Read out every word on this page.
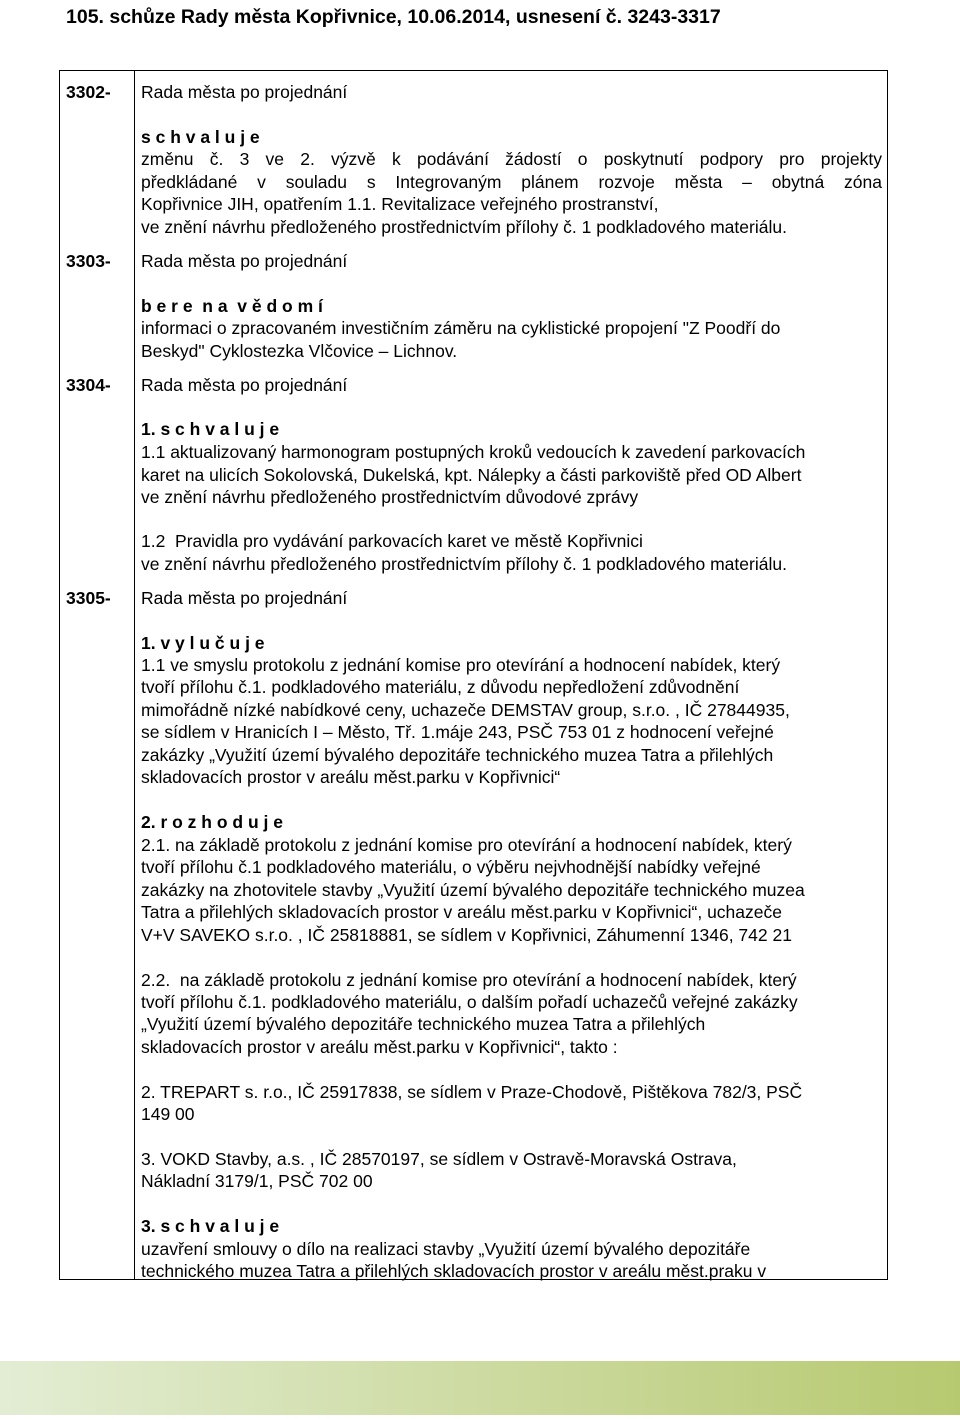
105. schůze Rady města Kopřivnice, 10.06.2014, usnesení č. 3243-3317
3302- Rada města po projednání
s c h v a l u j e
změnu č. 3 ve 2. výzvě k podávání žádostí o poskytnutí podpory pro projekty
předkládané v souladu s Integrovaným plánem rozvoje města – obytná zóna
Kopřivnice JIH, opatřením 1.1. Revitalizace veřejného prostranství,
ve znění návrhu předloženého prostřednictvím přílohy č. 1 podkladového materiálu.
3303- Rada města po projednání
b e r e  n a  v ě d o m í
informaci o zpracovaném investičním záměru na cyklistické propojení "Z Poodří do
Beskyd" Cyklostezka Vlčovice – Lichnov.
3304- Rada města po projednání
1. s c h v a l u j e
1.1 aktualizovaný harmonogram postupných kroků vedoucích k zavedení parkovacích
karet na ulicích Sokolovská, Dukelská, kpt. Nálepky a části parkoviště před OD Albert
ve znění návrhu předloženého prostřednictvím důvodové zprávy
1.2  Pravidla pro vydávání parkovacích karet ve městě Kopřivnici
ve znění návrhu předloženého prostřednictvím přílohy č. 1 podkladového materiálu.
3305- Rada města po projednání
1. v y l u č u j e
1.1 ve smyslu protokolu z jednání komise pro otevírání a hodnocení nabídek, který
tvoří přílohu č.1. podkladového materiálu, z důvodu nepředložení zdůvodnění
mimořádně nízké nabídkové ceny, uchazeče DEMSTAV group, s.r.o. , IČ 27844935,
se sídlem v Hranicích I – Město, Tř. 1.máje 243, PSČ 753 01 z hodnocení veřejné
zakázky „Využití území bývalého depozitáře technického muzea Tatra a přilehlých
skladovacích prostor v areálu měst.parku v Kopřivnici“
2. r o z h o d u j e
2.1. na základě protokolu z jednání komise pro otevírání a hodnocení nabídek, který
tvoří přílohu č.1 podkladového materiálu, o výběru nejvhodnější nabídky veřejné
zakázky na zhotovitele stavby „Využití území bývalého depozitáře technického muzea
Tatra a přilehlých skladovacích prostor v areálu měst.parku v Kopřivnici“, uchazeče
V+V SAVEKO s.r.o. , IČ 25818881, se sídlem v Kopřivnici, Záhumenní 1346, 742 21
2.2.  na základě protokolu z jednání komise pro otevírání a hodnocení nabídek, který
tvoří přílohu č.1. podkladového materiálu, o dalším pořadí uchazečů veřejné zakázky
„Využití území bývalého depozitáře technického muzea Tatra a přilehlých
skladovacích prostor v areálu měst.parku v Kopřivnici“, takto :
2. TREPART s. r.o., IČ 25917838, se sídlem v Praze-Chodově, Pištěkova 782/3, PSČ
149 00
3. VOKD Stavby, a.s. , IČ 28570197, se sídlem v Ostravě-Moravská Ostrava,
Nákladní 3179/1, PSČ 702 00
3. s c h v a l u j e
uzavření smlouvy o dílo na realizaci stavby „Využití území bývalého depozitáře
technického muzea Tatra a přilehlých skladovacích prostor v areálu měst.praku v
